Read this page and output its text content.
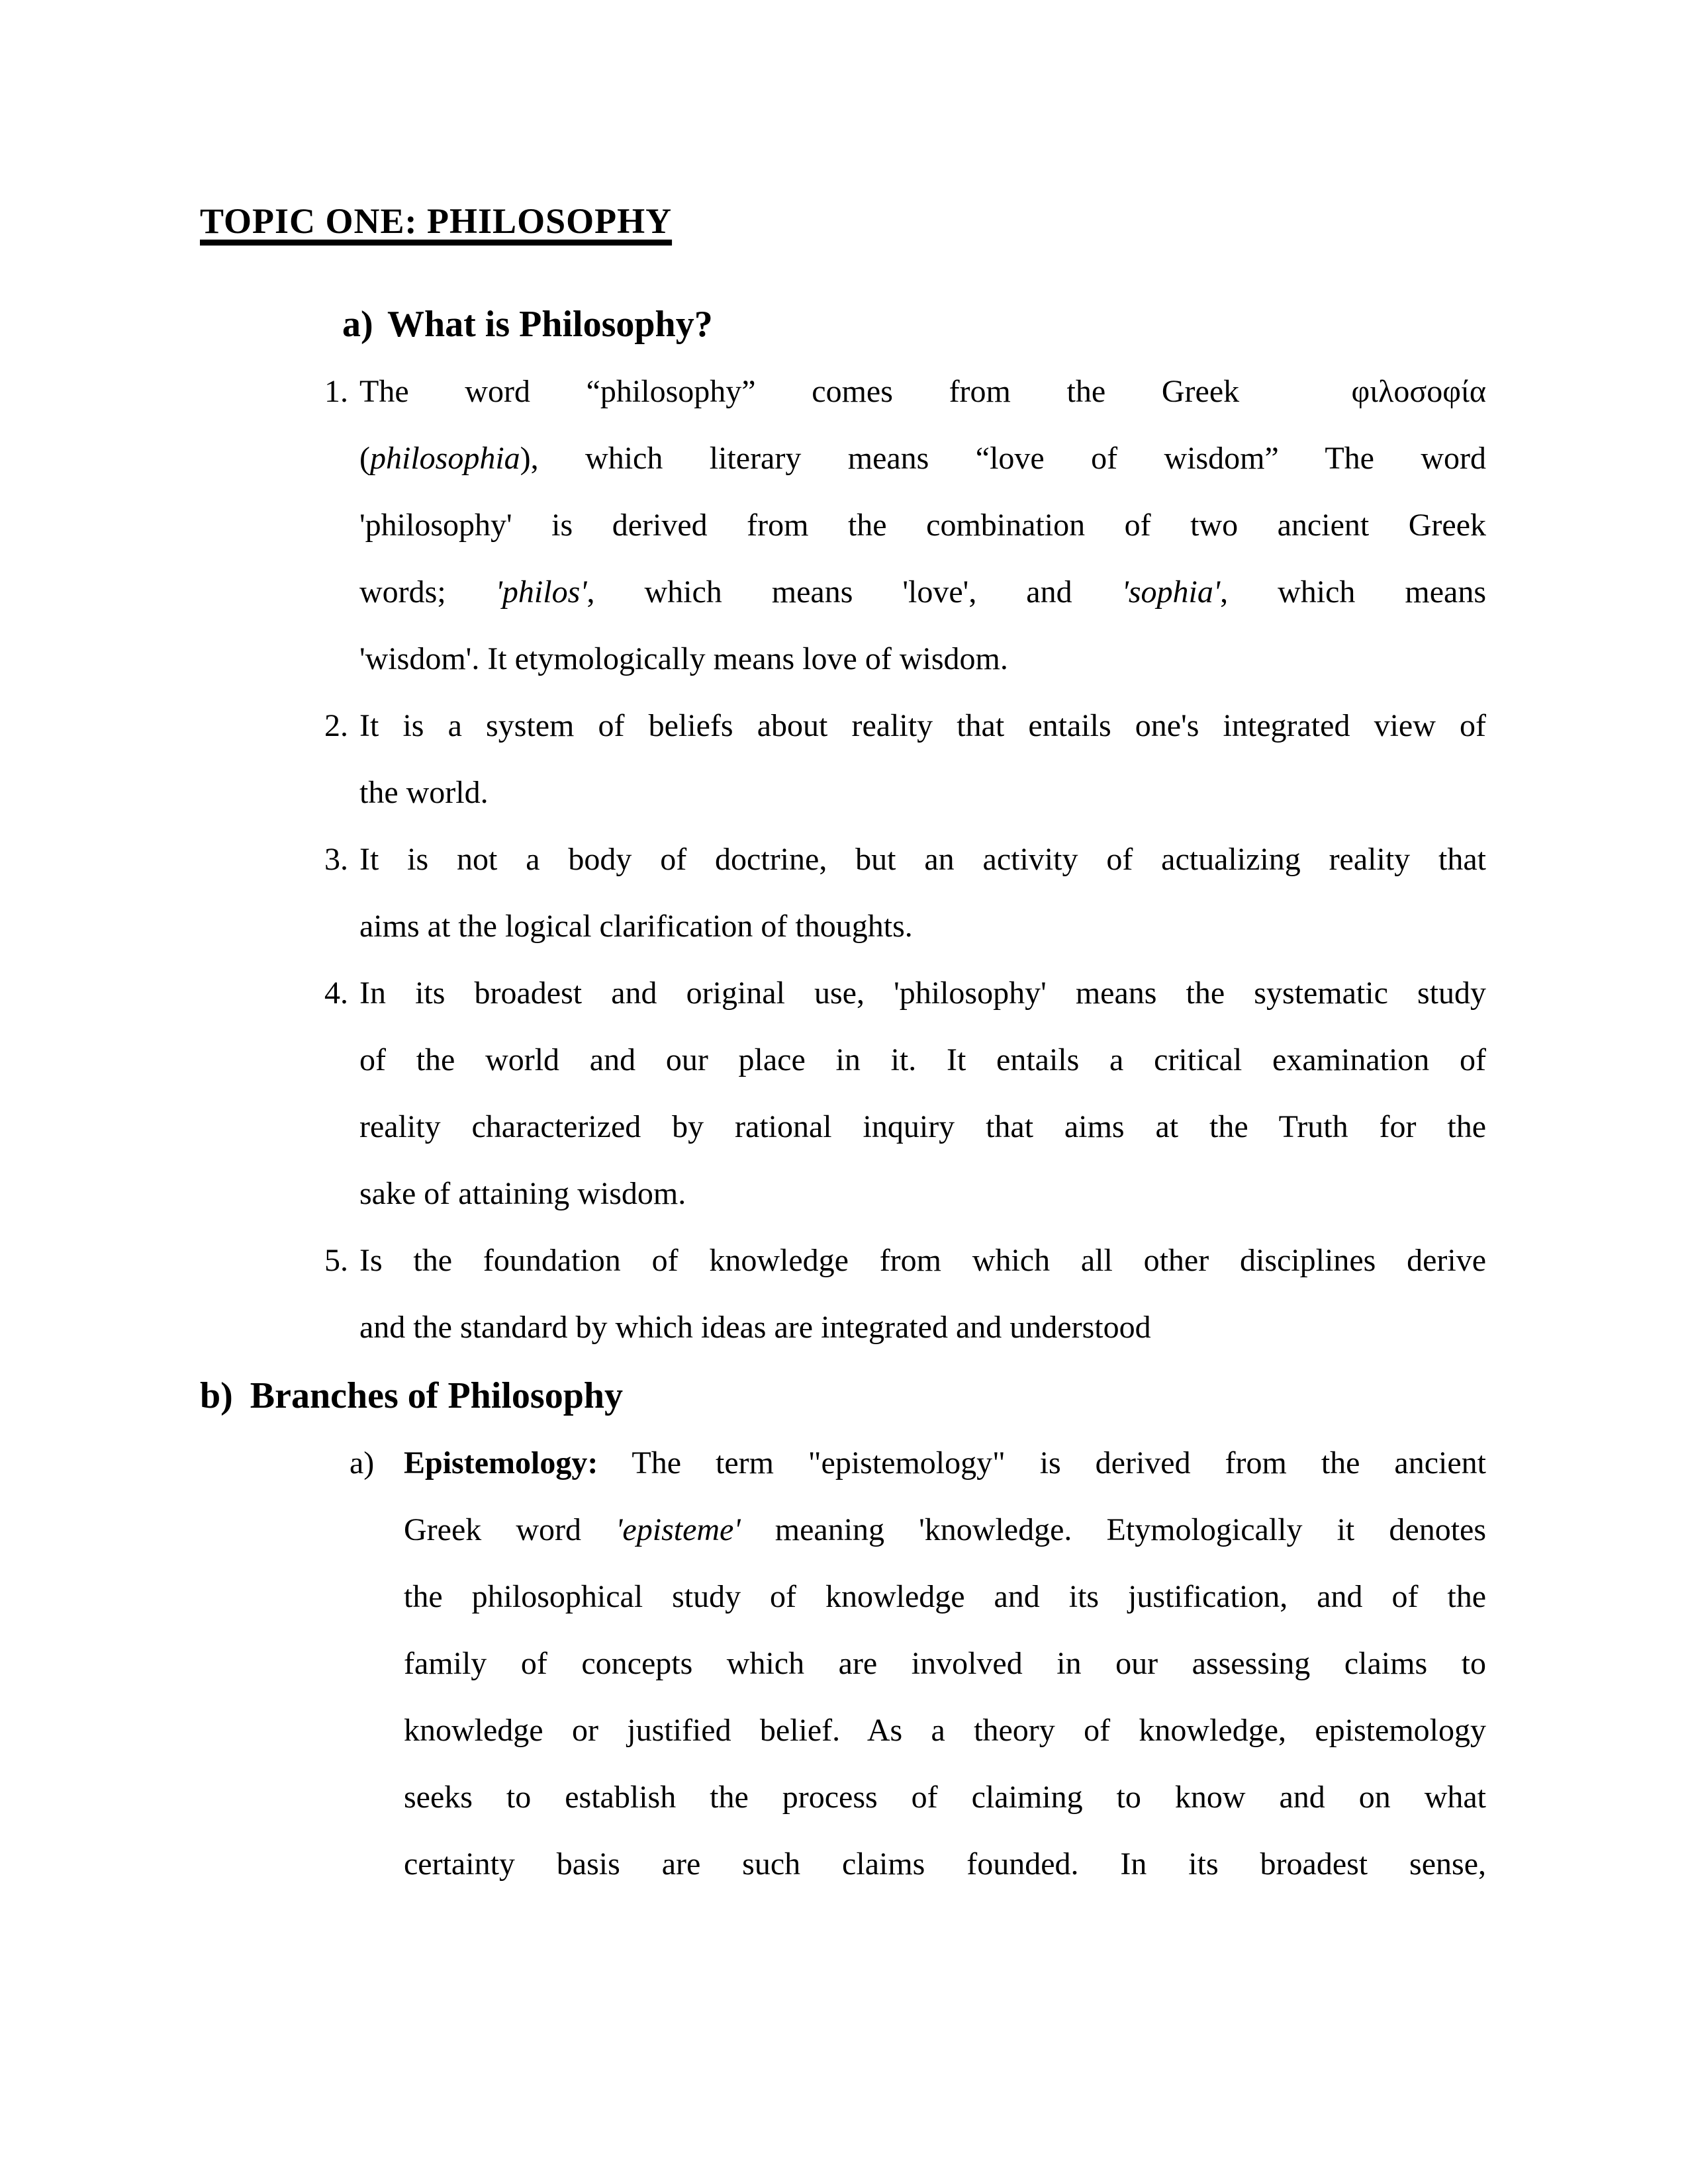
TOPIC ONE: PHILOSOPHY
a) What is Philosophy?
1. The word “philosophy” comes from the Greek  φιλοσοφία
(philosophia), which literary means “love of wisdom” The word
'philosophy' is derived from the combination of two ancient Greek
words; 'philos', which means 'love', and 'sophia', which means
'wisdom'. It etymologically means love of wisdom.
2. It is a system of beliefs about reality that entails one's integrated view of
the world.
3. It is not a body of doctrine, but an activity of actualizing reality that
aims at the logical clarification of thoughts.
4. In its broadest and original use, 'philosophy' means the systematic study
of the world and our place in it. It entails a critical examination of
reality characterized by rational inquiry that aims at the Truth for the
sake of attaining wisdom.
5. Is the foundation of knowledge from which all other disciplines derive
and the standard by which ideas are integrated and understood
b) Branches of Philosophy
a) Epistemology: The term "epistemology" is derived from the ancient
Greek word 'episteme' meaning 'knowledge. Etymologically it denotes
the philosophical study of knowledge and its justification, and of the
family of concepts which are involved in our assessing claims to
knowledge or justified belief. As a theory of knowledge, epistemology
seeks to establish the process of claiming to know and on what
certainty basis are such claims founded. In its broadest sense,
